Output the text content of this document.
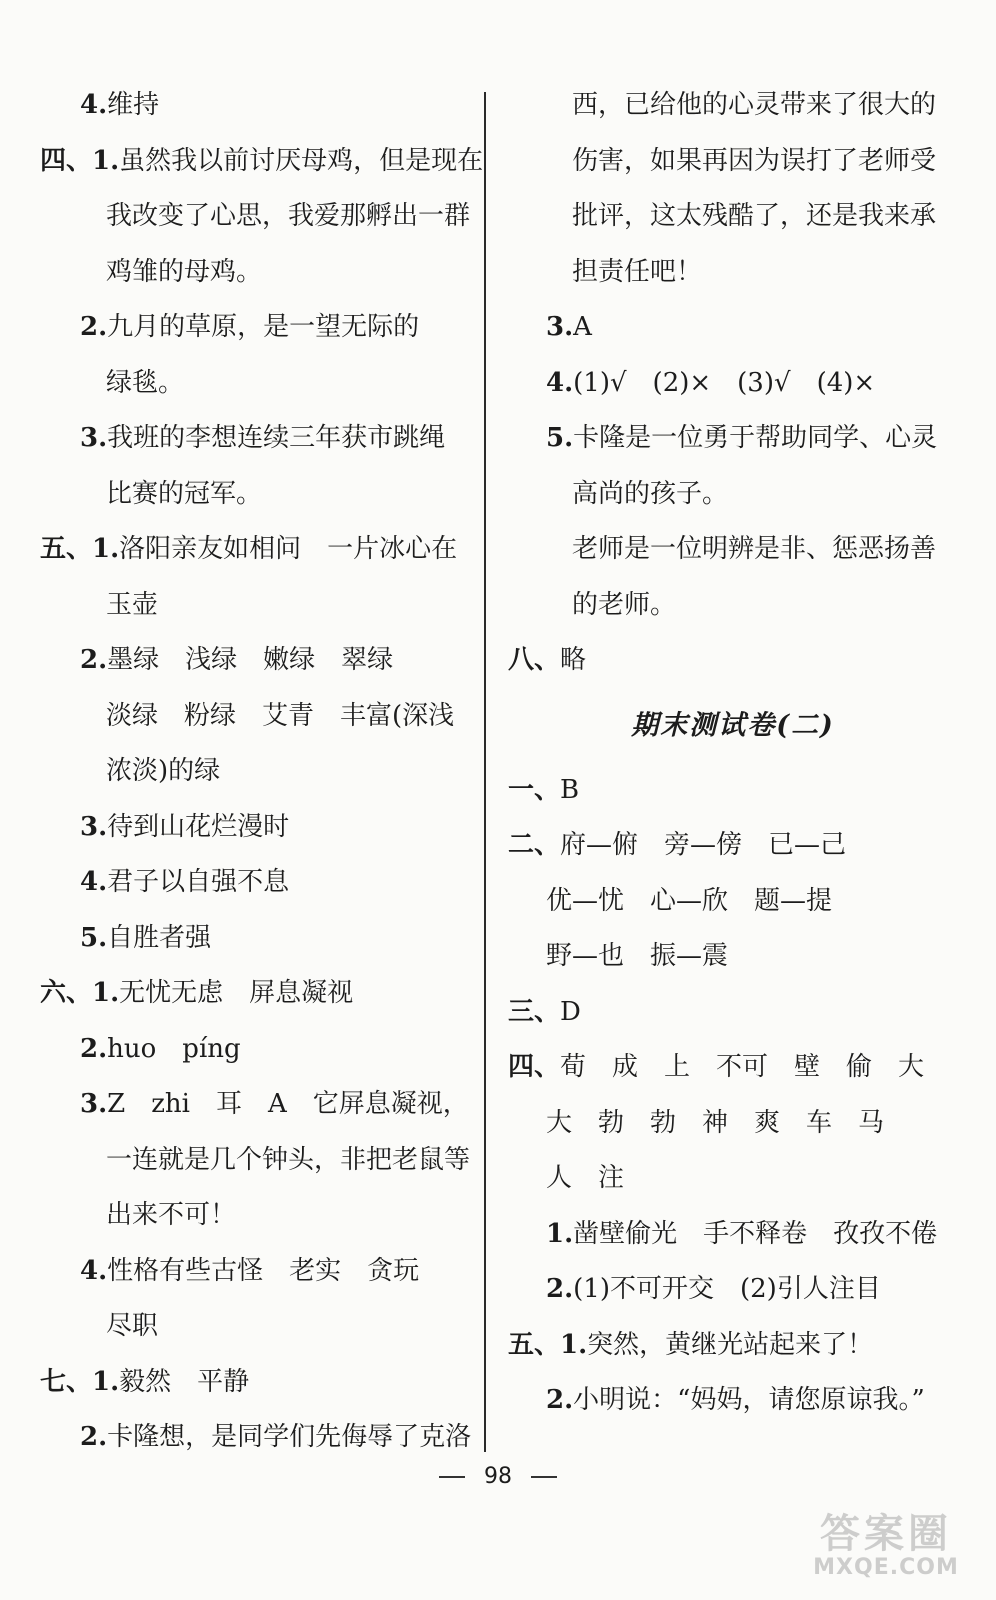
4. 维持
四、1. 虽然我以前讨厌母鸡，但是现在
我改变了心思，我爱那孵出一群
鸡雏的母鸡。
2. 九月的草原，是一望无际的
绿毯。
3. 我班的李想连续三年获市跳绳
比赛的冠军。
五、1. 洛阳亲友如相问　一片冰心在
玉壶
2. 墨绿　浅绿　嫩绿　翠绿
淡绿　粉绿　艾青　丰富(深浅
浓淡)的绿
3. 待到山花烂漫时
4. 君子以自强不息
5. 自胜者强
六、1. 无忧无虑　屏息凝视
2. huo　píng
3. Z　zhi　耳　A　它屏息凝视，
一连就是几个钟头，非把老鼠等
出来不可！
4. 性格有些古怪　老实　贪玩
尽职
七、1. 毅然　平静
2. 卡隆想，是同学们先侮辱了克洛
西，已给他的心灵带来了很大的
伤害，如果再因为误打了老师受
批评，这太残酷了，还是我来承
担责任吧！
3. A
4. (1)√　(2)×　(3)√　(4)×
5. 卡隆是一位勇于帮助同学、心灵
高尚的孩子。
老师是一位明辨是非、惩恶扬善
的老师。
八、 略
期末测试卷(二)
一、 B
二、 府—俯　旁—傍　已—己
优—忧　心—欣　题—提
野—也　振—震
三、 D
四、 荀　成　上　不可　壁　偷　大
大　勃　勃　神　爽　车　马
人　注
1. 凿壁偷光　手不释卷　孜孜不倦
2. (1)不可开交　(2)引人注目
五、1. 突然，黄继光站起来了！
2. 小明说：“妈妈，请您原谅我。”
98
答案圈
MXQE.COM
